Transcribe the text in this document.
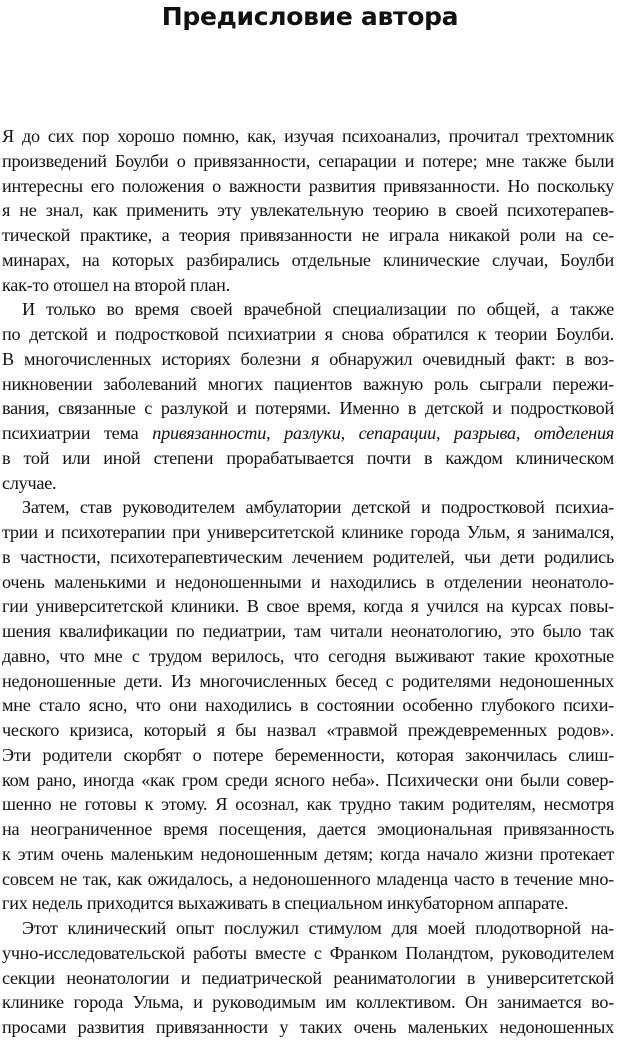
Предисловие автора
Я до сих пор хорошо помню, как, изучая психоанализ, прочитал трехтомник
произведений Боулби о привязанности, сепарации и потере; мне также были
интересны его положения о важности развития привязанности. Но поскольку
я не знал, как применить эту увлекательную теорию в своей психотерапев-
тической практике, а теория привязанности не играла никакой роли на се-
минарах, на которых разбирались отдельные клинические случаи, Боулби
как-то отошел на второй план.
И только во время своей врачебной специализации по общей, а также
по детской и подростковой психиатрии я снова обратился к теории Боулби.
В многочисленных историях болезни я обнаружил очевидный факт: в воз-
никновении заболеваний многих пациентов важную роль сыграли пережи-
вания, связанные с разлукой и потерями. Именно в детской и подростковой
психиатрии тема привязанности, разлуки, сепарации, разрыва, отделения
в той или иной степени прорабатывается почти в каждом клиническом
случае.
Затем, став руководителем амбулатории детской и подростковой психиа-
трии и психотерапии при университетской клинике города Ульм, я занимался,
в частности, психотерапевтическим лечением родителей, чьи дети родились
очень маленькими и недоношенными и находились в отделении неонатоло-
гии университетской клиники. В свое время, когда я учился на курсах повы-
шения квалификации по педиатрии, там читали неонатологию, это было так
давно, что мне с трудом верилось, что сегодня выживают такие крохотные
недоношенные дети. Из многочисленных бесед с родителями недоношенных
мне стало ясно, что они находились в состоянии особенно глубокого психи-
ческого кризиса, который я бы назвал «травмой преждевременных родов».
Эти родители скорбят о потере беременности, которая закончилась слиш-
ком рано, иногда «как гром среди ясного неба». Психически они были совер-
шенно не готовы к этому. Я осознал, как трудно таким родителям, несмотря
на неограниченное время посещения, дается эмоциональная привязанность
к этим очень маленьким недоношенным детям; когда начало жизни протекает
совсем не так, как ожидалось, а недоношенного младенца часто в течение мно-
гих недель приходится выхаживать в специальном инкубаторном аппарате.
Этот клинический опыт послужил стимулом для моей плодотворной на-
учно-исследовательской работы вместе с Франком Поландтом, руководителем
секции неонатологии и педиатрической реаниматологии в университетской
клинике города Ульма, и руководимым им коллективом. Он занимается во-
просами развития привязанности у таких очень маленьких недоношенных
